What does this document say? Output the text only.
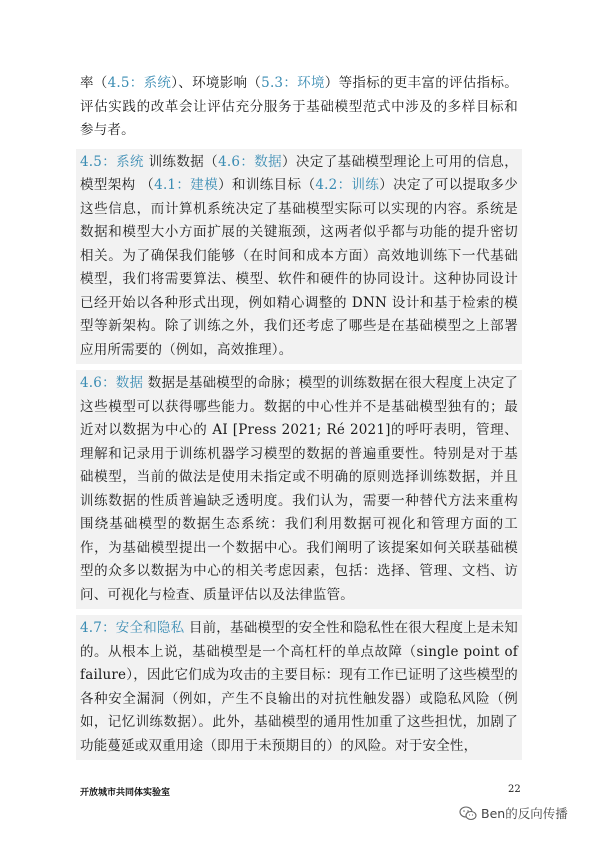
率（4.5：系统）、环境影响（5.3：环境）等指标的更丰富的评估指标。评估实践的改革会让评估充分服务于基础模型范式中涉及的多样目标和参与者。

4.5：系统 训练数据（4.6：数据）决定了基础模型理论上可用的信息，模型架构 （4.1：建模）和训练目标（4.2：训练）决定了可以提取多少这些信息，而计算机系统决定了基础模型实际可以实现的内容。系统是数据和模型大小方面扩展的关键瓶颈，这两者似乎都与功能的提升密切相关。为了确保我们能够（在时间和成本方面）高效地训练下一代基础模型，我们将需要算法、模型、软件和硬件的协同设计。这种协同设计已经开始以各种形式出现，例如精心调整的 DNN 设计和基于检索的模型等新架构。除了训练之外，我们还考虑了哪些是在基础模型之上部署应用所需要的（例如，高效推理）。

4.6：数据 数据是基础模型的命脉；模型的训练数据在很大程度上决定了这些模型可以获得哪些能力。数据的中心性并不是基础模型独有的；最近对以数据为中心的 AI [Press 2021; Ré 2021]的呼吁表明，管理、理解和记录用于训练机器学习模型的数据的普遍重要性。特别是对于基础模型，当前的做法是使用未指定或不明确的原则选择训练数据，并且训练数据的性质普遍缺乏透明度。我们认为，需要一种替代方法来重构围绕基础模型的数据生态系统：我们利用数据可视化和管理方面的工作，为基础模型提出一个数据中心。我们阐明了该提案如何关联基础模型的众多以数据为中心的相关考虑因素，包括：选择、管理、文档、访问、可视化与检查、质量评估以及法律监管。

4.7：安全和隐私 目前，基础模型的安全性和隐私性在很大程度上是未知的。从根本上说，基础模型是一个高杠杆的单点故障（single point of failure），因此它们成为攻击的主要目标：现有工作已证明了这些模型的各种安全漏洞（例如，产生不良输出的对抗性触发器）或隐私风险（例如，记忆训练数据）。此外，基础模型的通用性加重了这些担忧，加剧了功能蔓延或双重用途（即用于未预期目的）的风险。对于安全性，

开放城市共同体实验室	22
Ben的反向传播
